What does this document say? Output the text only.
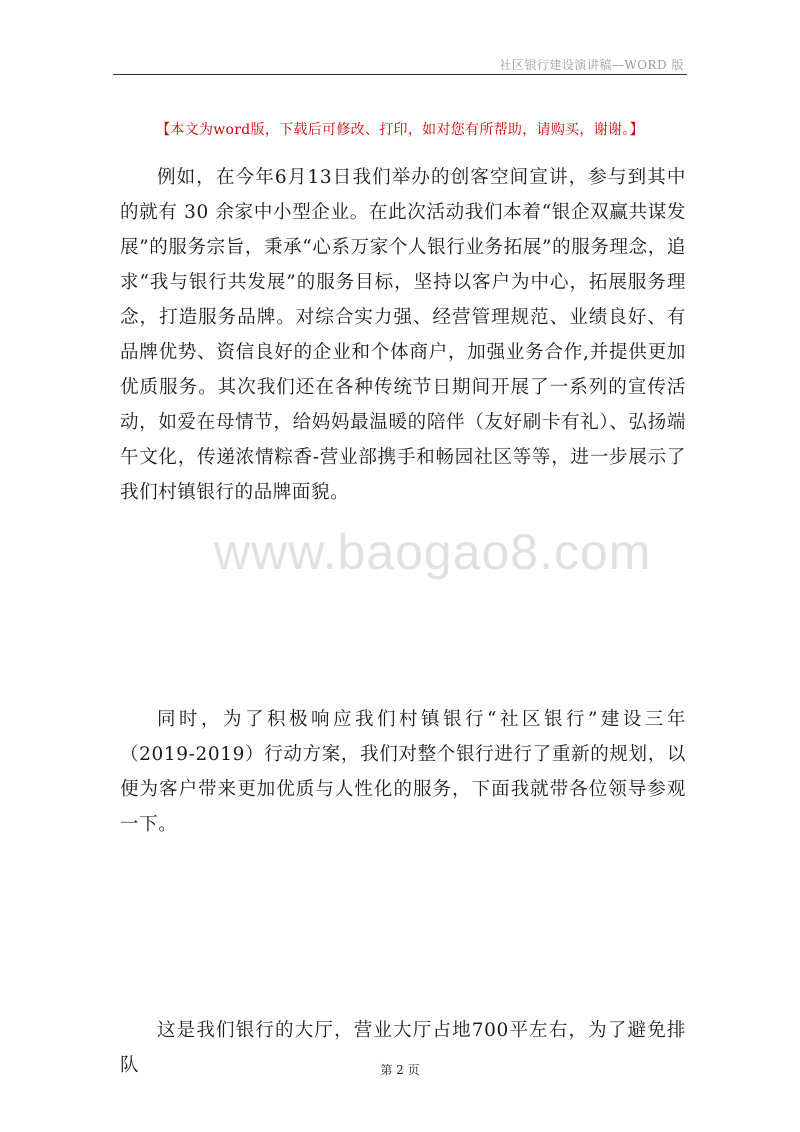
社区银行建设演讲稿—WORD 版
【本文为word版，下载后可修改、打印，如对您有所帮助，请购买，谢谢。】

例如，在今年6月13日我们举办的创客空间宣讲，参与到其中的就有 30 余家中小型企业。在此次活动我们本着“银企双赢共谋发展”的服务宗旨，秉承“心系万家个人银行业务拓展”的服务理念，追求“我与银行共发展”的服务目标，坚持以客户为中心，拓展服务理念，打造服务品牌。对综合实力强、经营管理规范、业绩良好、有品牌优势、资信良好的企业和个体商户，加强业务合作,并提供更加优质服务。其次我们还在各种传统节日期间开展了一系列的宣传活动，如爱在母情节，给妈妈最温暖的陪伴（友好刷卡有礼）、弘扬端午文化，传递浓情粽香-营业部携手和畅园社区等等，进一步展示了我们村镇银行的品牌面貌。

www.baogao8.com

同时，为了积极响应我们村镇银行“社区银行”建设三年（2019-2019）行动方案，我们对整个银行进行了重新的规划，以便为客户带来更加优质与人性化的服务，下面我就带各位领导参观一下。

这是我们银行的大厅，营业大厅占地700平左右，为了避免排队	第 2 页
